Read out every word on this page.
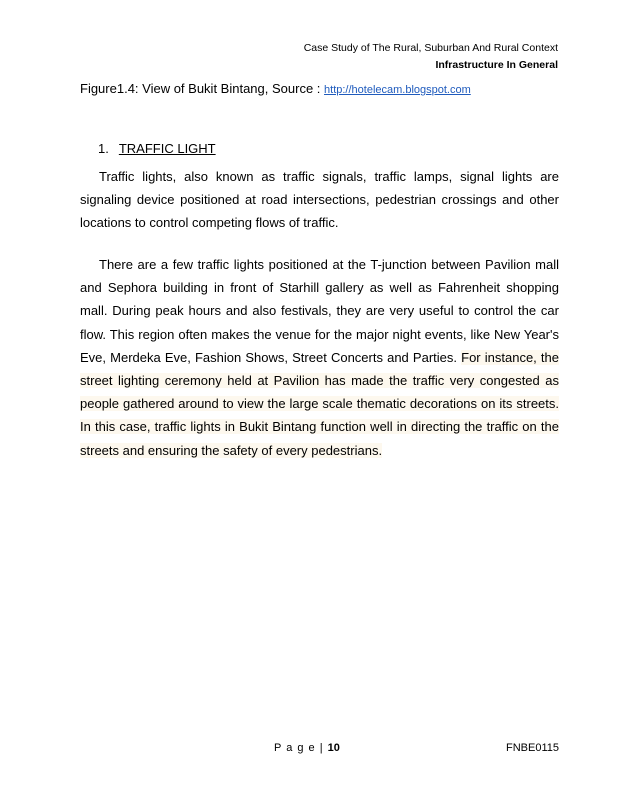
Case Study of The Rural, Suburban And Rural Context
Infrastructure In General
Figure1.4: View of Bukit Bintang, Source : http://hotelecam.blogspot.com
1. TRAFFIC LIGHT

Traffic lights, also known as traffic signals, traffic lamps, signal lights are signaling device positioned at road intersections, pedestrian crossings and other locations to control competing flows of traffic.

There are a few traffic lights positioned at the T-junction between Pavilion mall and Sephora building in front of Starhill gallery as well as Fahrenheit shopping mall. During peak hours and also festivals, they are very useful to control the car flow. This region often makes the venue for the major night events, like New Year's Eve, Merdeka Eve, Fashion Shows, Street Concerts and Parties. For instance, the street lighting ceremony held at Pavilion has made the traffic very congested as people gathered around to view the large scale thematic decorations on its streets. In this case, traffic lights in Bukit Bintang function well in directing the traffic on the streets and ensuring the safety of every pedestrians.

P a g e | 10	FNBE0115
